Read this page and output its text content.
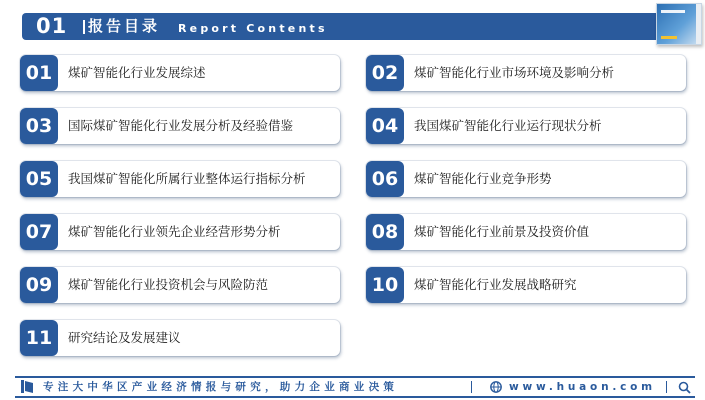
01 报告目录 Report Contents
01	煤矿智能化行业发展综述	02	煤矿智能化行业市场环境及影响分析
03	国际煤矿智能化行业发展分析及经验借鉴	04	我国煤矿智能化行业运行现状分析
05	我国煤矿智能化所属行业整体运行指标分析	06	煤矿智能化行业竞争形势
07	煤矿智能化行业领先企业经营形势分析	08	煤矿智能化行业前景及投资价值
09	煤矿智能化行业投资机会与风险防范	10	煤矿智能化行业发展战略研究
11	研究结论及发展建议
专注大中华区产业经济情报与研究，助力企业商业决策	www.huaon.com
